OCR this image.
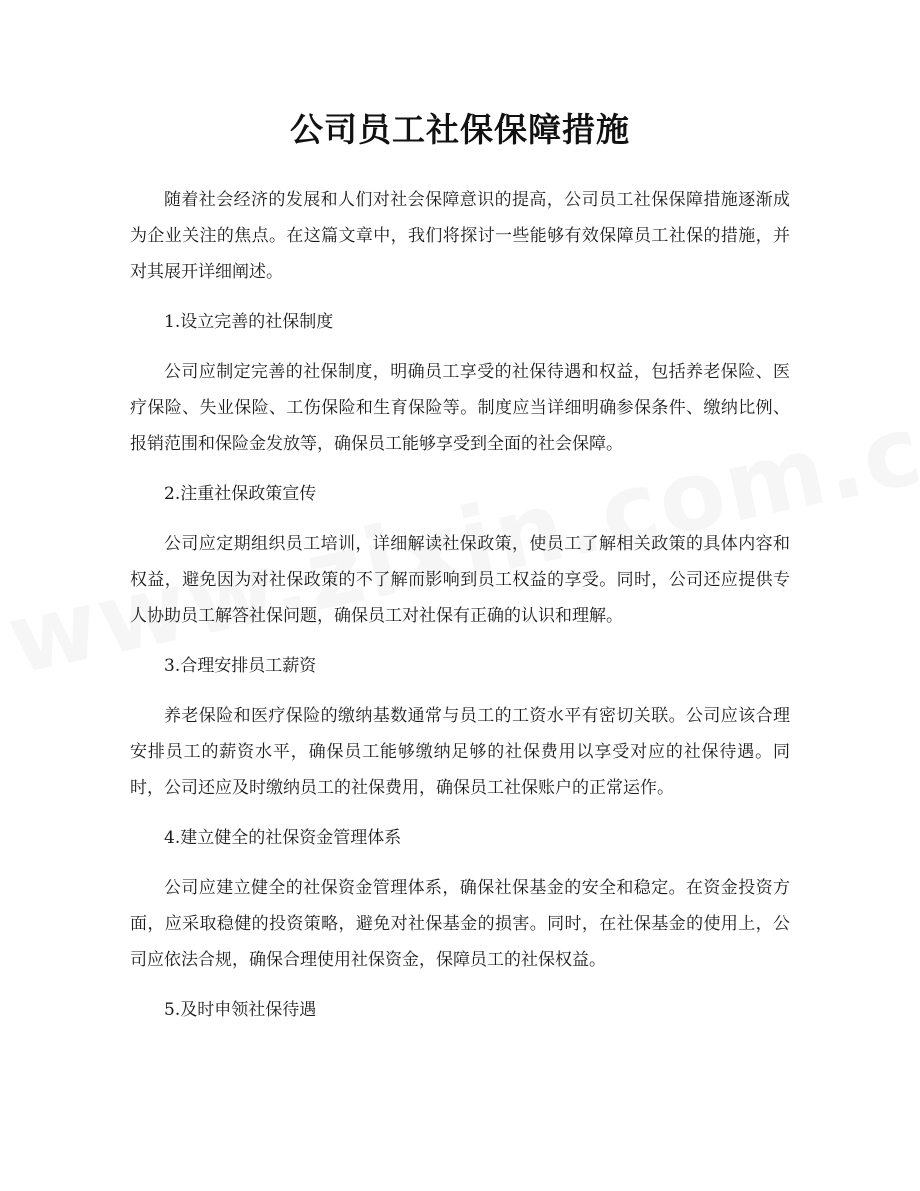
公司员工社保保障措施

随着社会经济的发展和人们对社会保障意识的提高，公司员工社保保障措施逐渐成为企业关注的焦点。在这篇文章中，我们将探讨一些能够有效保障员工社保的措施，并对其展开详细阐述。

1.设立完善的社保制度

公司应制定完善的社保制度，明确员工享受的社保待遇和权益，包括养老保险、医疗保险、失业保险、工伤保险和生育保险等。制度应当详细明确参保条件、缴纳比例、报销范围和保险金发放等，确保员工能够享受到全面的社会保障。

2.注重社保政策宣传

公司应定期组织员工培训，详细解读社保政策，使员工了解相关政策的具体内容和权益，避免因为对社保政策的不了解而影响到员工权益的享受。同时，公司还应提供专人协助员工解答社保问题，确保员工对社保有正确的认识和理解。

3.合理安排员工薪资

养老保险和医疗保险的缴纳基数通常与员工的工资水平有密切关联。公司应该合理安排员工的薪资水平，确保员工能够缴纳足够的社保费用以享受对应的社保待遇。同时，公司还应及时缴纳员工的社保费用，确保员工社保账户的正常运作。

4.建立健全的社保资金管理体系

公司应建立健全的社保资金管理体系，确保社保基金的安全和稳定。在资金投资方面，应采取稳健的投资策略，避免对社保基金的损害。同时，在社保基金的使用上，公司应依法合规，确保合理使用社保资金，保障员工的社保权益。

5.及时申领社保待遇
